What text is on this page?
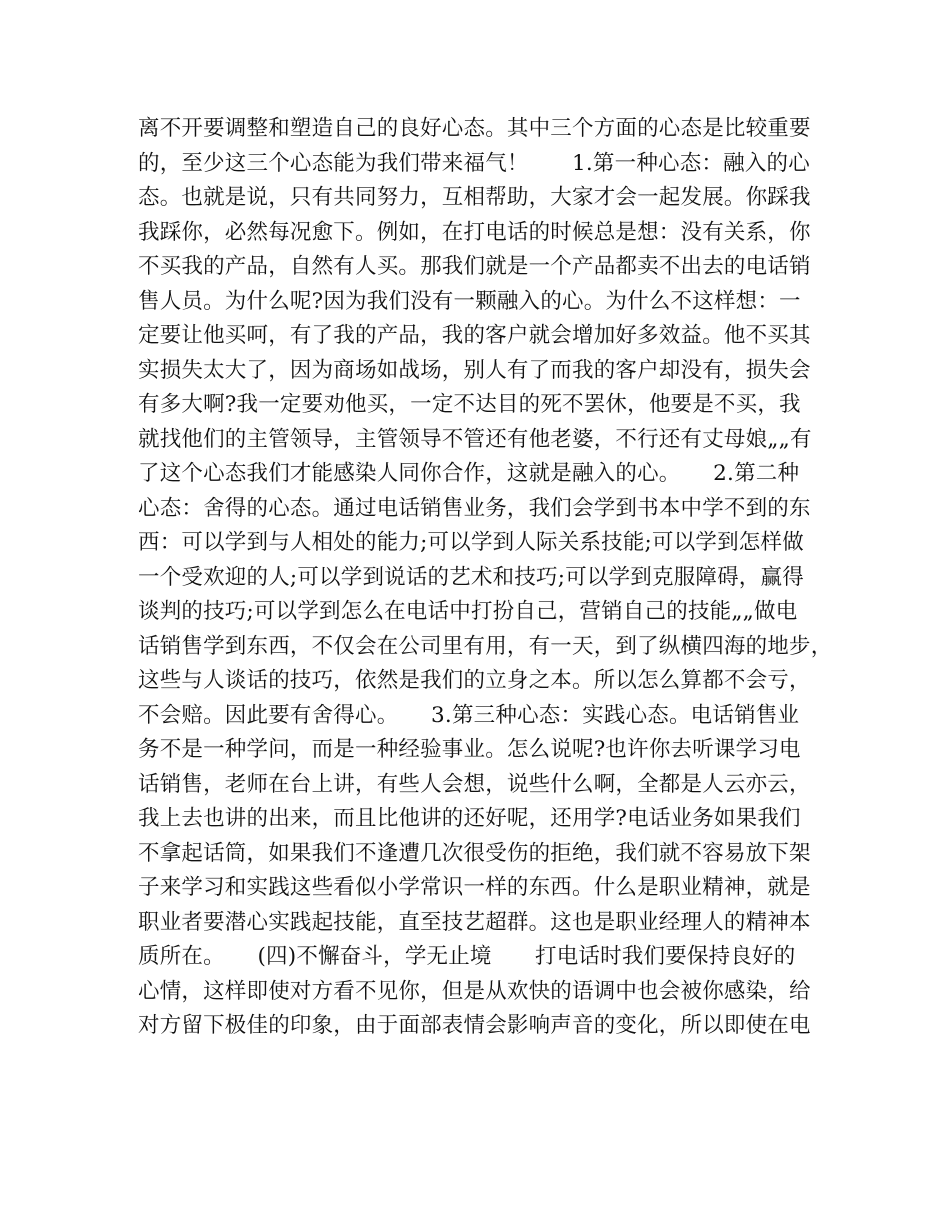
离不开要调整和塑造自己的良好心态。其中三个方面的心态是比较重要
的，至少这三个心态能为我们带来福气！　　1.第一种心态：融入的心
态。也就是说，只有共同努力，互相帮助，大家才会一起发展。你踩我
我踩你，必然每况愈下。例如，在打电话的时候总是想：没有关系，你
不买我的产品，自然有人买。那我们就是一个产品都卖不出去的电话销
售人员。为什么呢?因为我们没有一颗融入的心。为什么不这样想：一
定要让他买呵，有了我的产品，我的客户就会增加好多效益。他不买其
实损失太大了，因为商场如战场，别人有了而我的客户却没有，损失会
有多大啊?我一定要劝他买，一定不达目的死不罢休，他要是不买，我
就找他们的主管领导，主管领导不管还有他老婆，不行还有丈母娘„„有
了这个心态我们才能感染人同你合作，这就是融入的心。　　2.第二种
心态：舍得的心态。通过电话销售业务，我们会学到书本中学不到的东
西：可以学到与人相处的能力;可以学到人际关系技能;可以学到怎样做
一个受欢迎的人;可以学到说话的艺术和技巧;可以学到克服障碍，赢得
谈判的技巧;可以学到怎么在电话中打扮自己，营销自己的技能„„做电
话销售学到东西，不仅会在公司里有用，有一天，到了纵横四海的地步，
这些与人谈话的技巧，依然是我们的立身之本。所以怎么算都不会亏，
不会赔。因此要有舍得心。　　3.第三种心态：实践心态。电话销售业
务不是一种学问，而是一种经验事业。怎么说呢?也许你去听课学习电
话销售，老师在台上讲，有些人会想，说些什么啊，全都是人云亦云，
我上去也讲的出来，而且比他讲的还好呢，还用学?电话业务如果我们
不拿起话筒，如果我们不逢遭几次很受伤的拒绝，我们就不容易放下架
子来学习和实践这些看似小学常识一样的东西。什么是职业精神，就是
职业者要潜心实践起技能，直至技艺超群。这也是职业经理人的精神本
质所在。　　(四)不懈奋斗，学无止境　　打电话时我们要保持良好的
心情，这样即使对方看不见你，但是从欢快的语调中也会被你感染，给
对方留下极佳的印象，由于面部表情会影响声音的变化，所以即使在电
